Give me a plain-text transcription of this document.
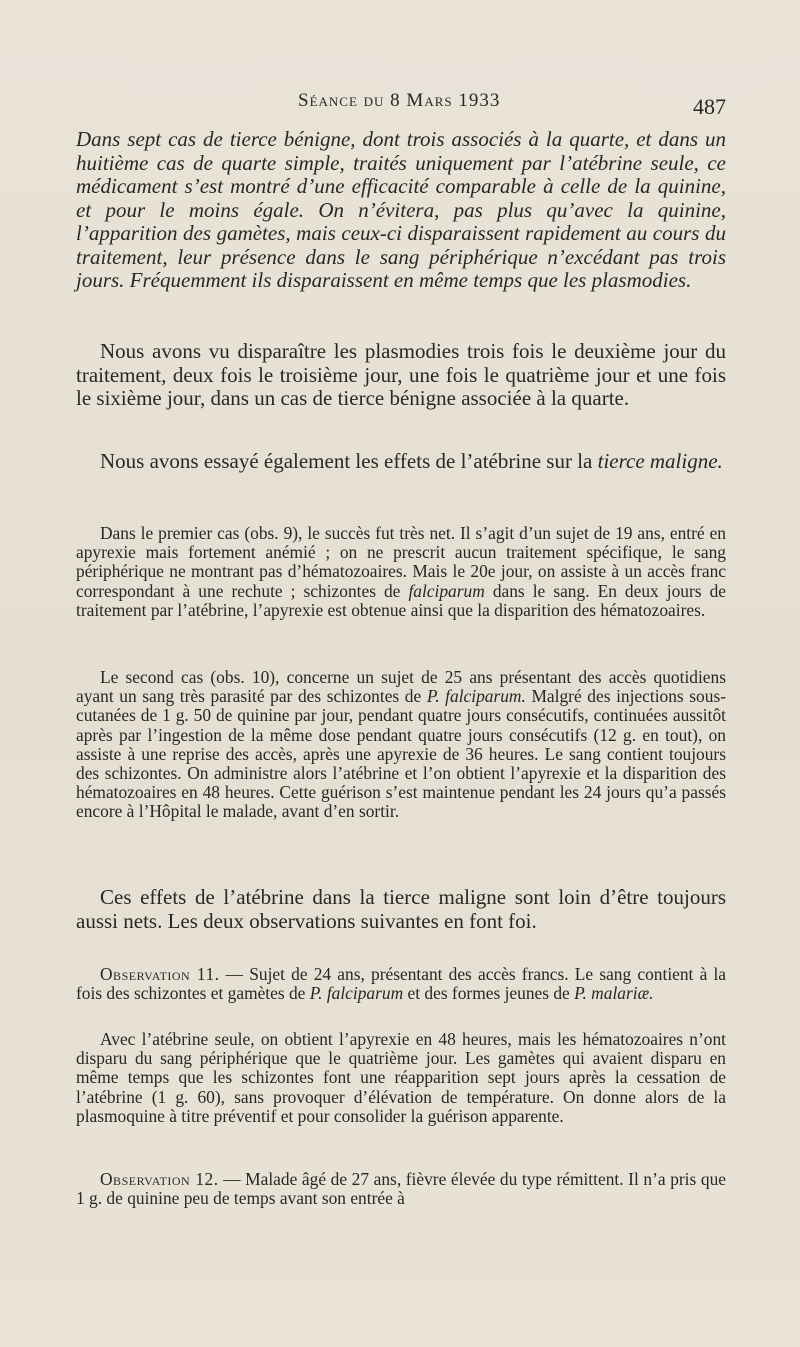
Séance du 8 Mars 1933	487

Dans sept cas de tierce bénigne, dont trois associés à la quarte, et dans un huitième cas de quarte simple, traités uniquement par l’atébrine seule, ce médicament s’est montré d’une efficacité comparable à celle de la quinine, et pour le moins égale. On n’évitera, pas plus qu’avec la quinine, l’apparition des gamètes, mais ceux-ci disparaissent rapidement au cours du traitement, leur présence dans le sang périphérique n’excédant pas trois jours. Fréquemment ils disparaissent en même temps que les plasmodies.

Nous avons vu disparaître les plasmodies trois fois le deuxième jour du traitement, deux fois le troisième jour, une fois le quatrième jour et une fois le sixième jour, dans un cas de tierce bénigne associée à la quarte.

Nous avons essayé également les effets de l’atébrine sur la tierce maligne.

Dans le premier cas (obs. 9), le succès fut très net. Il s’agit d’un sujet de 19 ans, entré en apyrexie mais fortement anémié ; on ne prescrit aucun traitement spécifique, le sang périphérique ne montrant pas d’hématozoaires. Mais le 20e jour, on assiste à un accès franc correspondant à une rechute ; schizontes de falciparum dans le sang. En deux jours de traitement par l’atébrine, l’apyrexie est obtenue ainsi que la disparition des hématozoaires.

Le second cas (obs. 10), concerne un sujet de 25 ans présentant des accès quotidiens ayant un sang très parasité par des schizontes de P. falciparum. Malgré des injections sous-cutanées de 1 g. 50 de quinine par jour, pendant quatre jours consécutifs, continuées aussitôt après par l’ingestion de la même dose pendant quatre jours consécutifs (12 g. en tout), on assiste à une reprise des accès, après une apyrexie de 36 heures. Le sang contient toujours des schizontes. On administre alors l’atébrine et l’on obtient l’apyrexie et la disparition des hématozoaires en 48 heures. Cette guérison s’est maintenue pendant les 24 jours qu’a passés encore à l’Hôpital le malade, avant d’en sortir.

Ces effets de l’atébrine dans la tierce maligne sont loin d’être toujours aussi nets. Les deux observations suivantes en font foi.

Observation 11. — Sujet de 24 ans, présentant des accès francs. Le sang contient à la fois des schizontes et gamètes de P. falciparum et des formes jeunes de P. malariæ.

Avec l’atébrine seule, on obtient l’apyrexie en 48 heures, mais les hématozoaires n’ont disparu du sang périphérique que le quatrième jour. Les gamètes qui avaient disparu en même temps que les schizontes font une réapparition sept jours après la cessation de l’atébrine (1 g. 60), sans provoquer d’élévation de température. On donne alors de la plasmoquine à titre préventif et pour consolider la guérison apparente.

Observation 12. — Malade âgé de 27 ans, fièvre élevée du type rémittent. Il n’a pris que 1 g. de quinine peu de temps avant son entrée à
